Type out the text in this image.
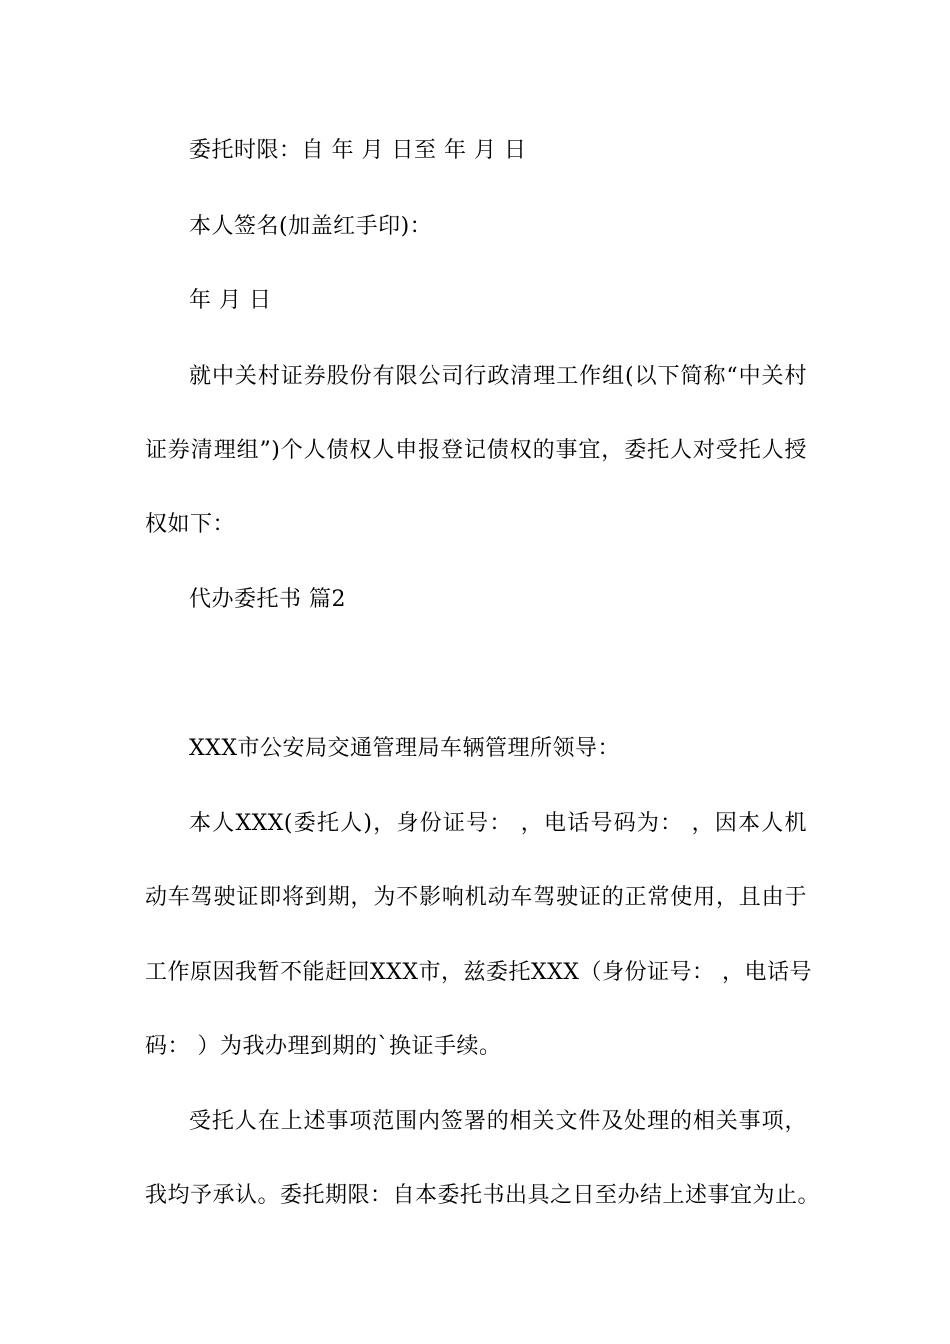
委托时限：自 年 月 日至 年 月 日
本人签名(加盖红手印)：
年 月 日
就中关村证券股份有限公司行政清理工作组(以下简称“中关村
证券清理组”)个人债权人申报登记债权的事宜，委托人对受托人授
权如下：
代办委托书 篇2
XXX市公安局交通管理局车辆管理所领导：
本人XXX(委托人)，身份证号： ，电话号码为： ，因本人机
动车驾驶证即将到期，为不影响机动车驾驶证的正常使用，且由于
工作原因我暂不能赶回XXX市，兹委托XXX（身份证号： ，电话号
码： ）为我办理到期的`换证手续。
受托人在上述事项范围内签署的相关文件及处理的相关事项，
我均予承认。委托期限：自本委托书出具之日至办结上述事宜为止。
